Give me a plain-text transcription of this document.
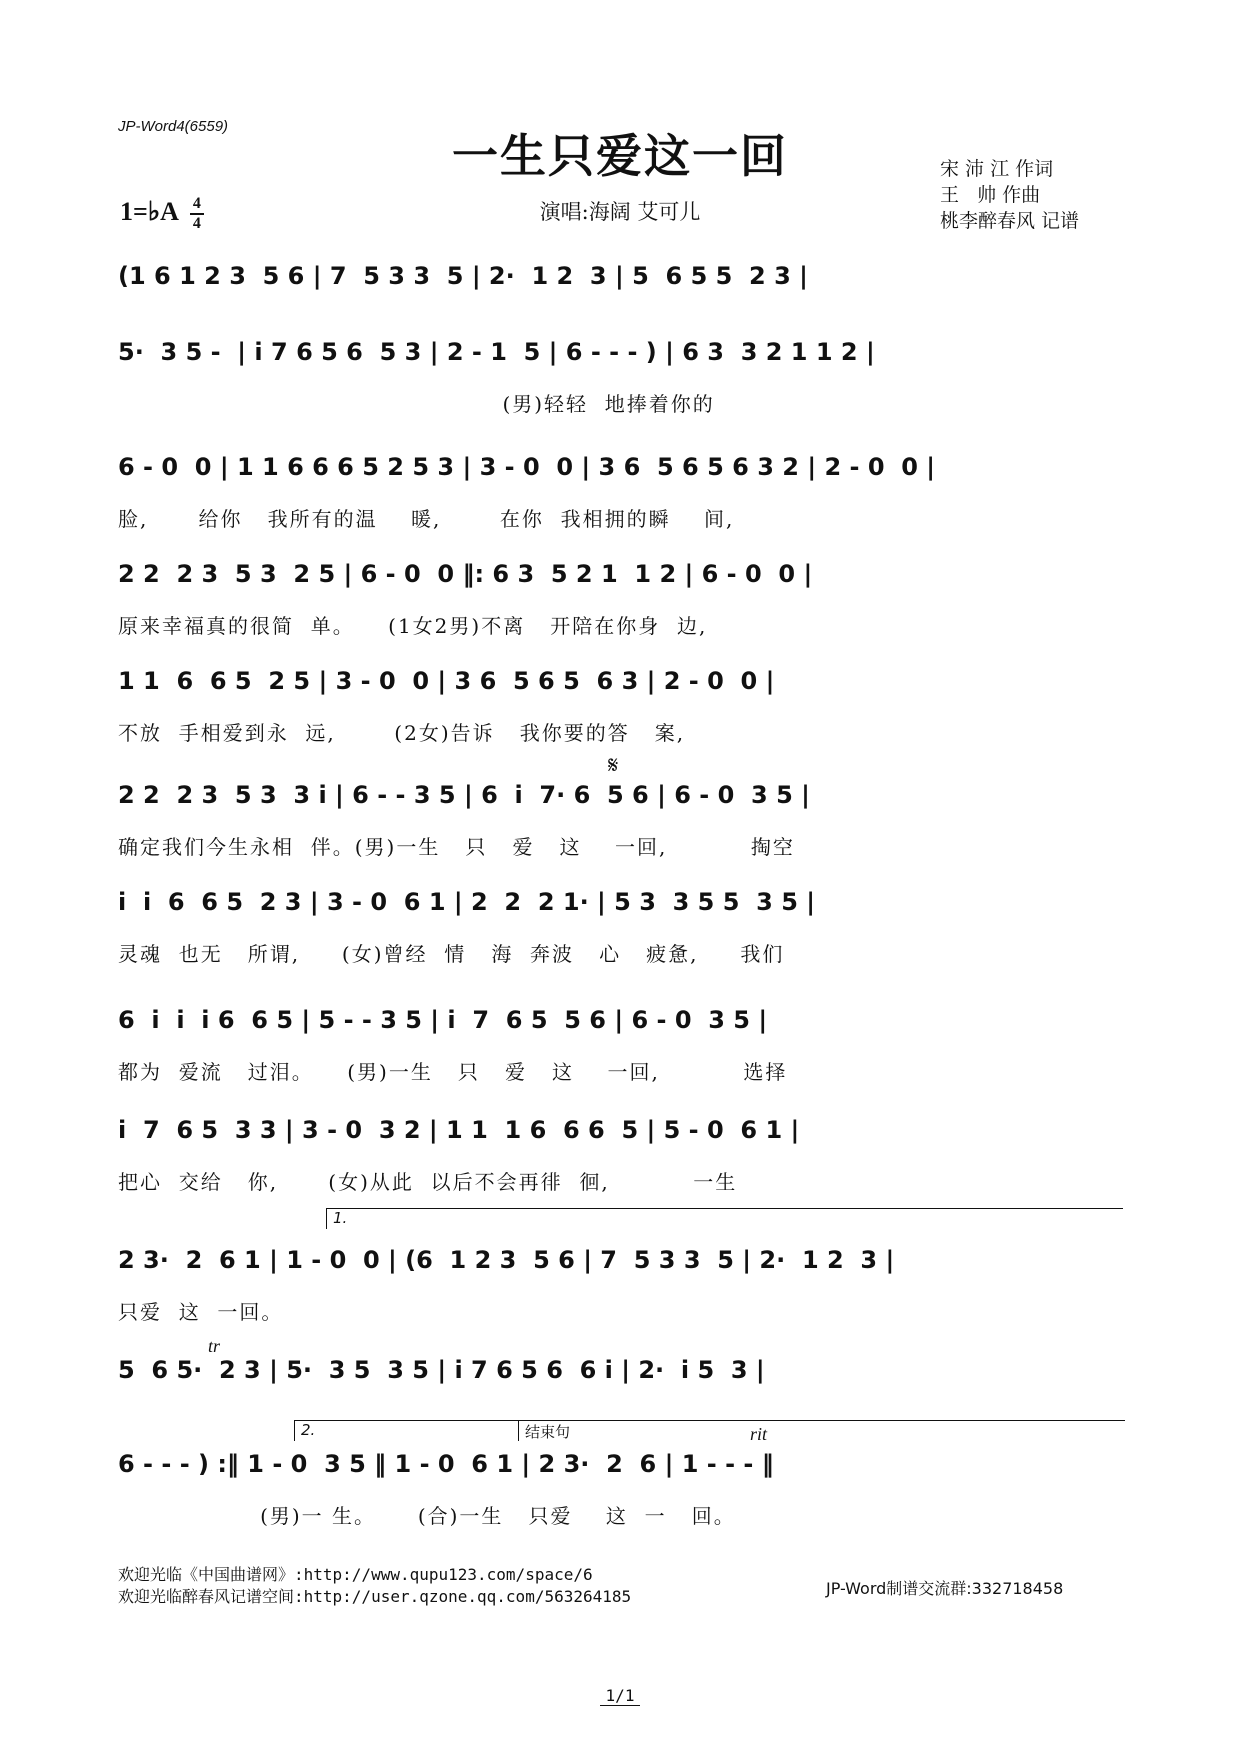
JP-Word4(6559)
一生只爱这一回
1=♭A $\frac{4}{4}$	演唱:海阔 艾可儿
宋 沛 江 作词
王   帅 作曲
桃李醉春风 记谱
(1 6 1 2 3  5 6 | 7  5 3 3  5 | 2·  1 2  3 | 5  6 5 5  2 3 |
5·  3 5 -  | i 7 6 5 6  5 3 | 2 - 1  5 | 6 - - - ) | 6 3  3 2 1 1 2 |
(男)轻轻  地捧着你的
6 - 0  0 | 1 1 6 6 6 5 2 5 3 | 3 - 0  0 | 3 6  5 6 5 6 3 2 | 2 - 0  0 |
脸,      给你   我所有的温    暖,       在你  我相拥的瞬    间,
2 2  2 3  5 3  2 5 | 6 - 0  0 ‖: 6 3  5 2 1  1 2 | 6 - 0  0 |
原来幸福真的很简  单。    (1女2男)不离   开陪在你身  边,
1 1  6  6 5  2 5 | 3 - 0  0 | 3 6  5 6 5  6 3 | 2 - 0  0 |
不放  手相爱到永  远,       (2女)告诉   我你要的答   案,
𝄋
2 2  2 3  5 3  3 i | 6 - - 3 5 | 6  i  7· 6  5 6 | 6 - 0  3 5 |
确定我们今生永相  伴。(男)一生   只   爱   这    一回,          掏空
i  i  6  6 5  2 3 | 3 - 0  6 1 | 2  2  2 1· | 5 3  3 5 5  3 5 |
灵魂  也无   所谓,     (女)曾经  情   海  奔波   心   疲惫,     我们
6  i  i  i 6  6 5 | 5 - - 3 5 | i  7  6 5  5 6 | 6 - 0  3 5 |
都为  爱流   过泪。    (男)一生   只   爱   这    一回,          选择
i  7  6 5  3 3 | 3 - 0  3 2 | 1 1  1 6  6 6  5 | 5 - 0  6 1 |
把心  交给   你,      (女)从此  以后不会再徘  徊,          一生
1.
2 3·  2  6 1 | 1 - 0  0 | (6  1 2 3  5 6 | 7  5 3 3  5 | 2·  1 2  3 |
只爱  这  一回。
tr
5  6 5·  2 3 | 5·  3 5  3 5 | i 7 6 5 6  6 i | 2·  i 5  3 |
2.	结束句	rit
6 - - - ) :‖ 1 - 0  3 5 ‖ 1 - 0  6 1 | 2 3·  2  6 | 1 - - - ‖
(男)一 生。     (合)一生   只爱    这  一   回。
欢迎光临《中国曲谱网》:http://www.qupu123.com/space/6
欢迎光临醉春风记谱空间:http://user.qzone.qq.com/563264185	JP-Word制谱交流群:332718458
1/1
